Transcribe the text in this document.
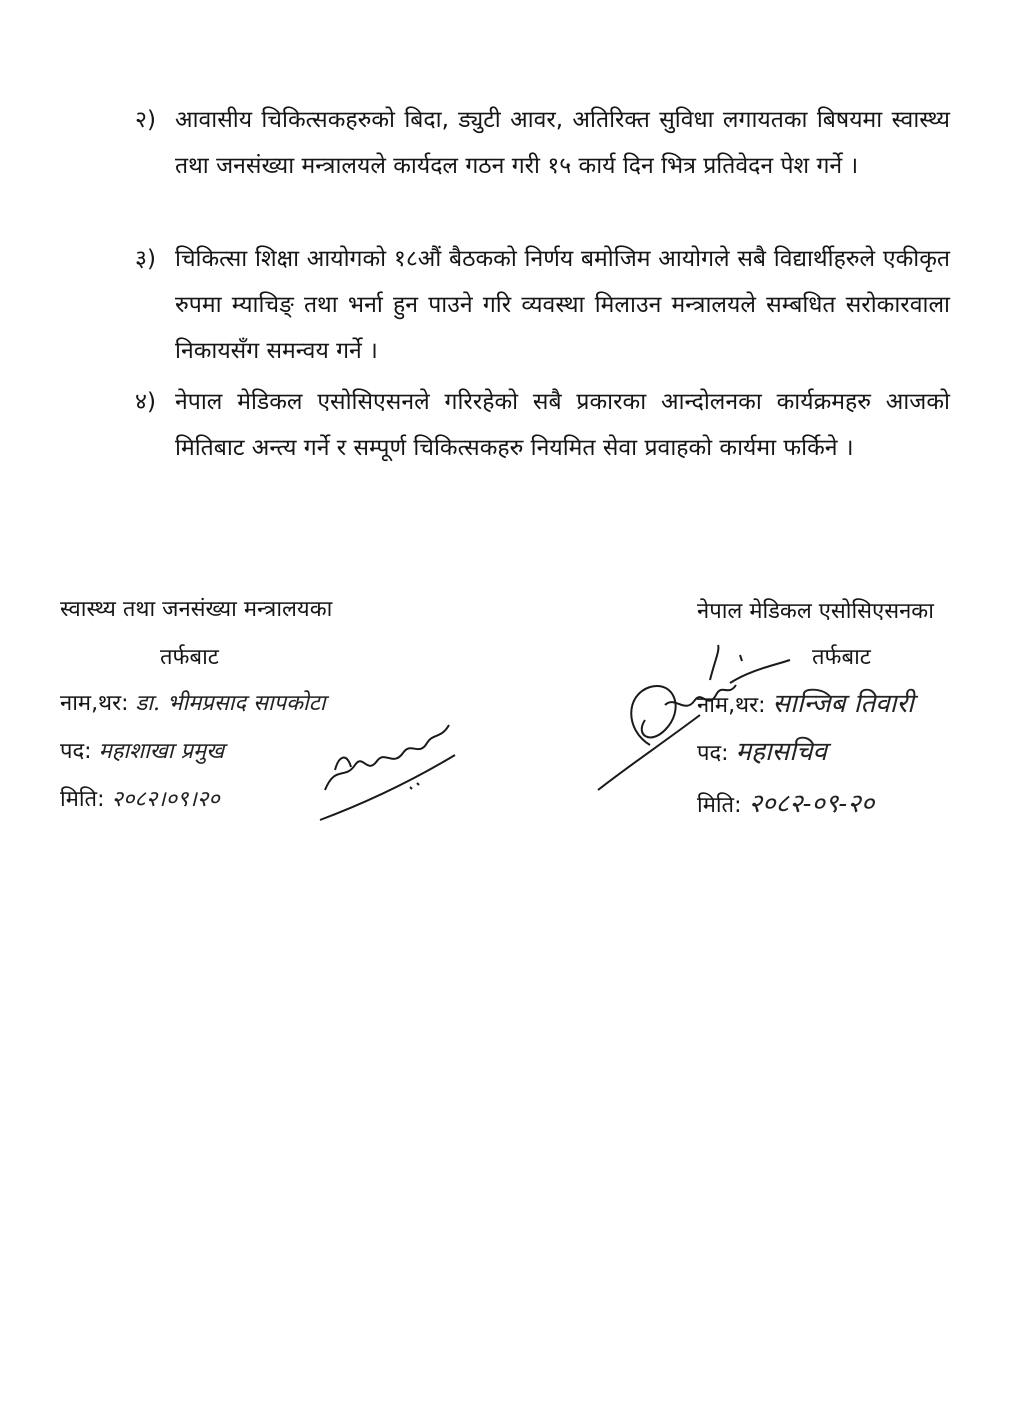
२) आवासीय चिकित्सकहरुको बिदा, ड्युटी आवर, अतिरिक्त सुविधा लगायतका बिषयमा स्वास्थ्य तथा जनसंख्या मन्त्रालयले कार्यदल गठन गरी १५ कार्य दिन भित्र प्रतिवेदन पेश गर्ने ।
३) चिकित्सा शिक्षा आयोगको १८औं बैठकको निर्णय बमोजिम आयोगले सबै विद्यार्थीहरुले एकीकृत रुपमा म्याचिङ् तथा भर्ना हुन पाउने गरि व्यवस्था मिलाउन मन्त्रालयले सम्बधित सरोकारवाला निकायसँग समन्वय गर्ने ।
४) नेपाल मेडिकल एसोसिएसनले गरिरहेको सबै प्रकारका आन्दोलनका कार्यक्रमहरु आजको मितिबाट अन्त्य गर्ने र सम्पूर्ण चिकित्सकहरु नियमित सेवा प्रवाहको कार्यमा फर्किने ।
स्वास्थ्य तथा जनसंख्या मन्त्रालयका
तर्फबाट
नाम,थर: डा. भीमप्रसाद सापकोटा
पद: महाशाखा प्रमुख
मिति: २०८२।०९।२०
नेपाल मेडिकल एसोसिएसनका
तर्फबाट
नाम,थर: सान्जिब तिवारी
पद: महासचिव
मिति: २०८२-०९-२०
